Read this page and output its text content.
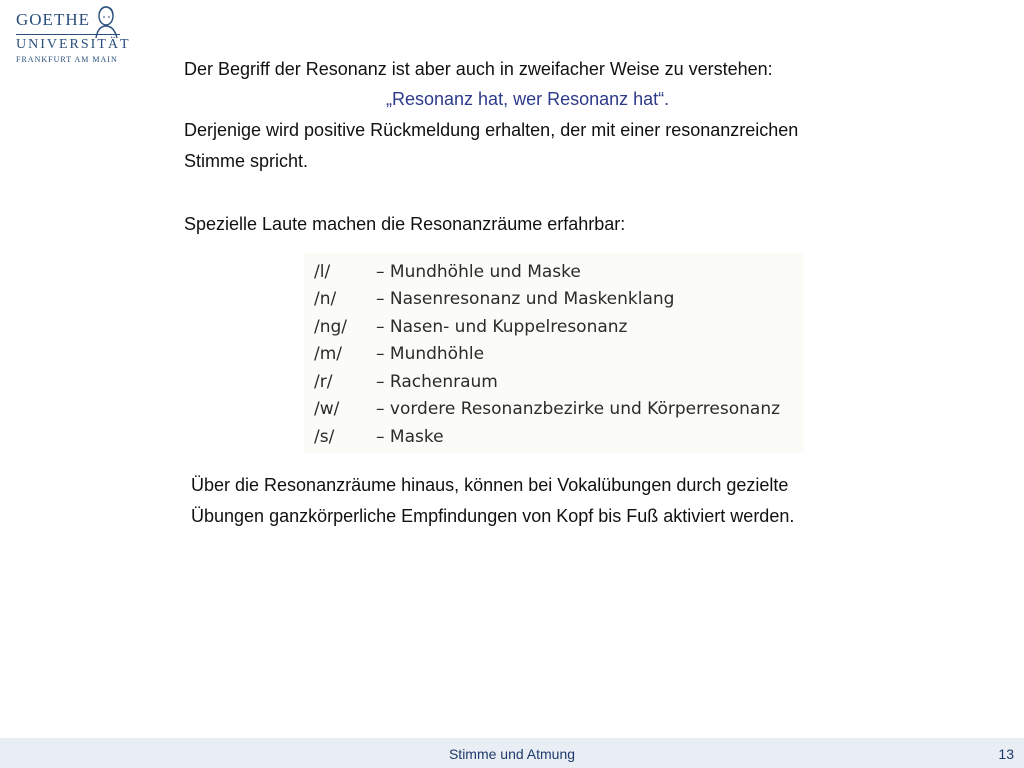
GOETHE
UNIVERSITÄT
FRANKFURT AM MAIN	Der Begriff der Resonanz ist aber auch in zweifacher Weise zu verstehen:
„Resonanz hat, wer Resonanz hat“.
Derjenige wird positive Rückmeldung erhalten, der mit einer resonanzreichen
Stimme spricht.
Spezielle Laute machen die Resonanzräume erfahrbar:
/l/	– Mundhöhle und Maske
/n/ – Nasenresonanz und Maskenklang
/ng/ – Nasen- und Kuppelresonanz
/m/ – Mundhöhle
/r/	– Rachenraum
/w/ – vordere Resonanzbezirke und Körperresonanz
/s/ – Maske
Über die Resonanzräume hinaus, können bei Vokalübungen durch gezielte
Übungen ganzkörperliche Empfindungen von Kopf bis Fuß aktiviert werden.
Stimme und Atmung	13
